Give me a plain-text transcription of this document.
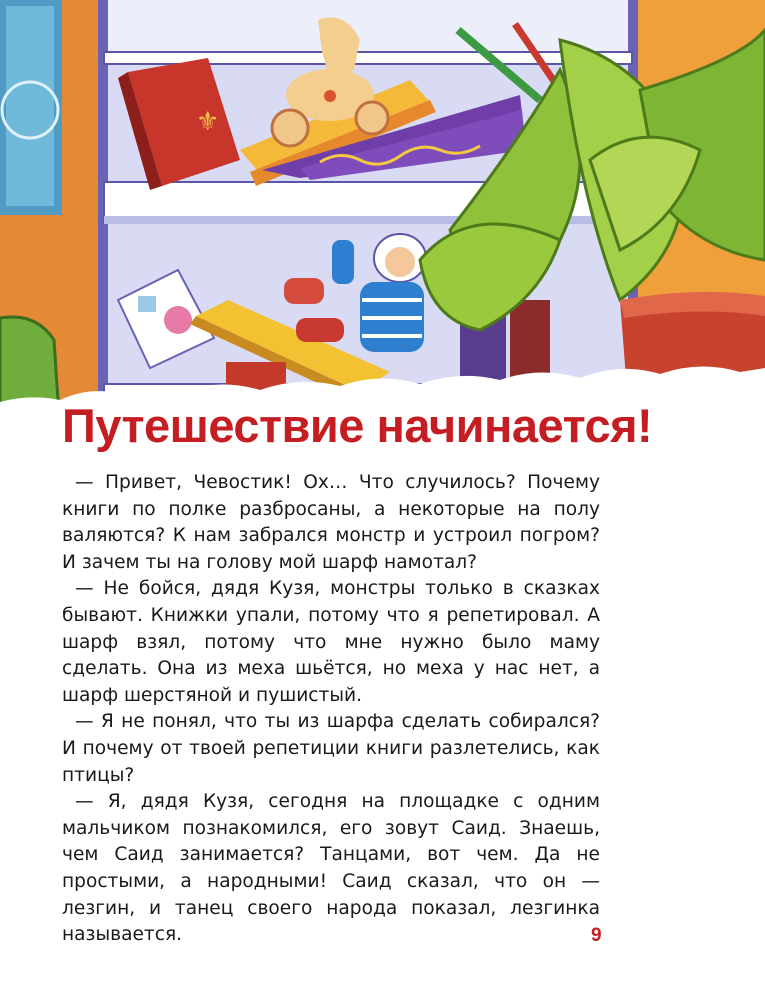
⚜
Путешествие начинается!

— Привет, Чевостик! Ох… Что случилось? Почему книги по полке разбросаны, а некоторые на полу валяются? К нам забрался монстр и устроил погром? И зачем ты на голову мой шарф намотал?

— Не бойся, дядя Кузя, монстры только в сказках бывают. Книжки упали, потому что я репетировал. А шарф взял, потому что мне нужно было маму сделать. Она из меха шьётся, но меха у нас нет, а шарф шерстяной и пушистый.

— Я не понял, что ты из шарфа сделать собирался? И почему от твоей репетиции книги разлетелись, как птицы?

— Я, дядя Кузя, сегодня на площадке с одним мальчиком познакомился, его зовут Саид. Знаешь, чем Саид занимается? Танцами, вот чем. Да не простыми, а народными! Саид сказал, что он — лезгин, и танец своего народа показал, лезгинка называется.	9
